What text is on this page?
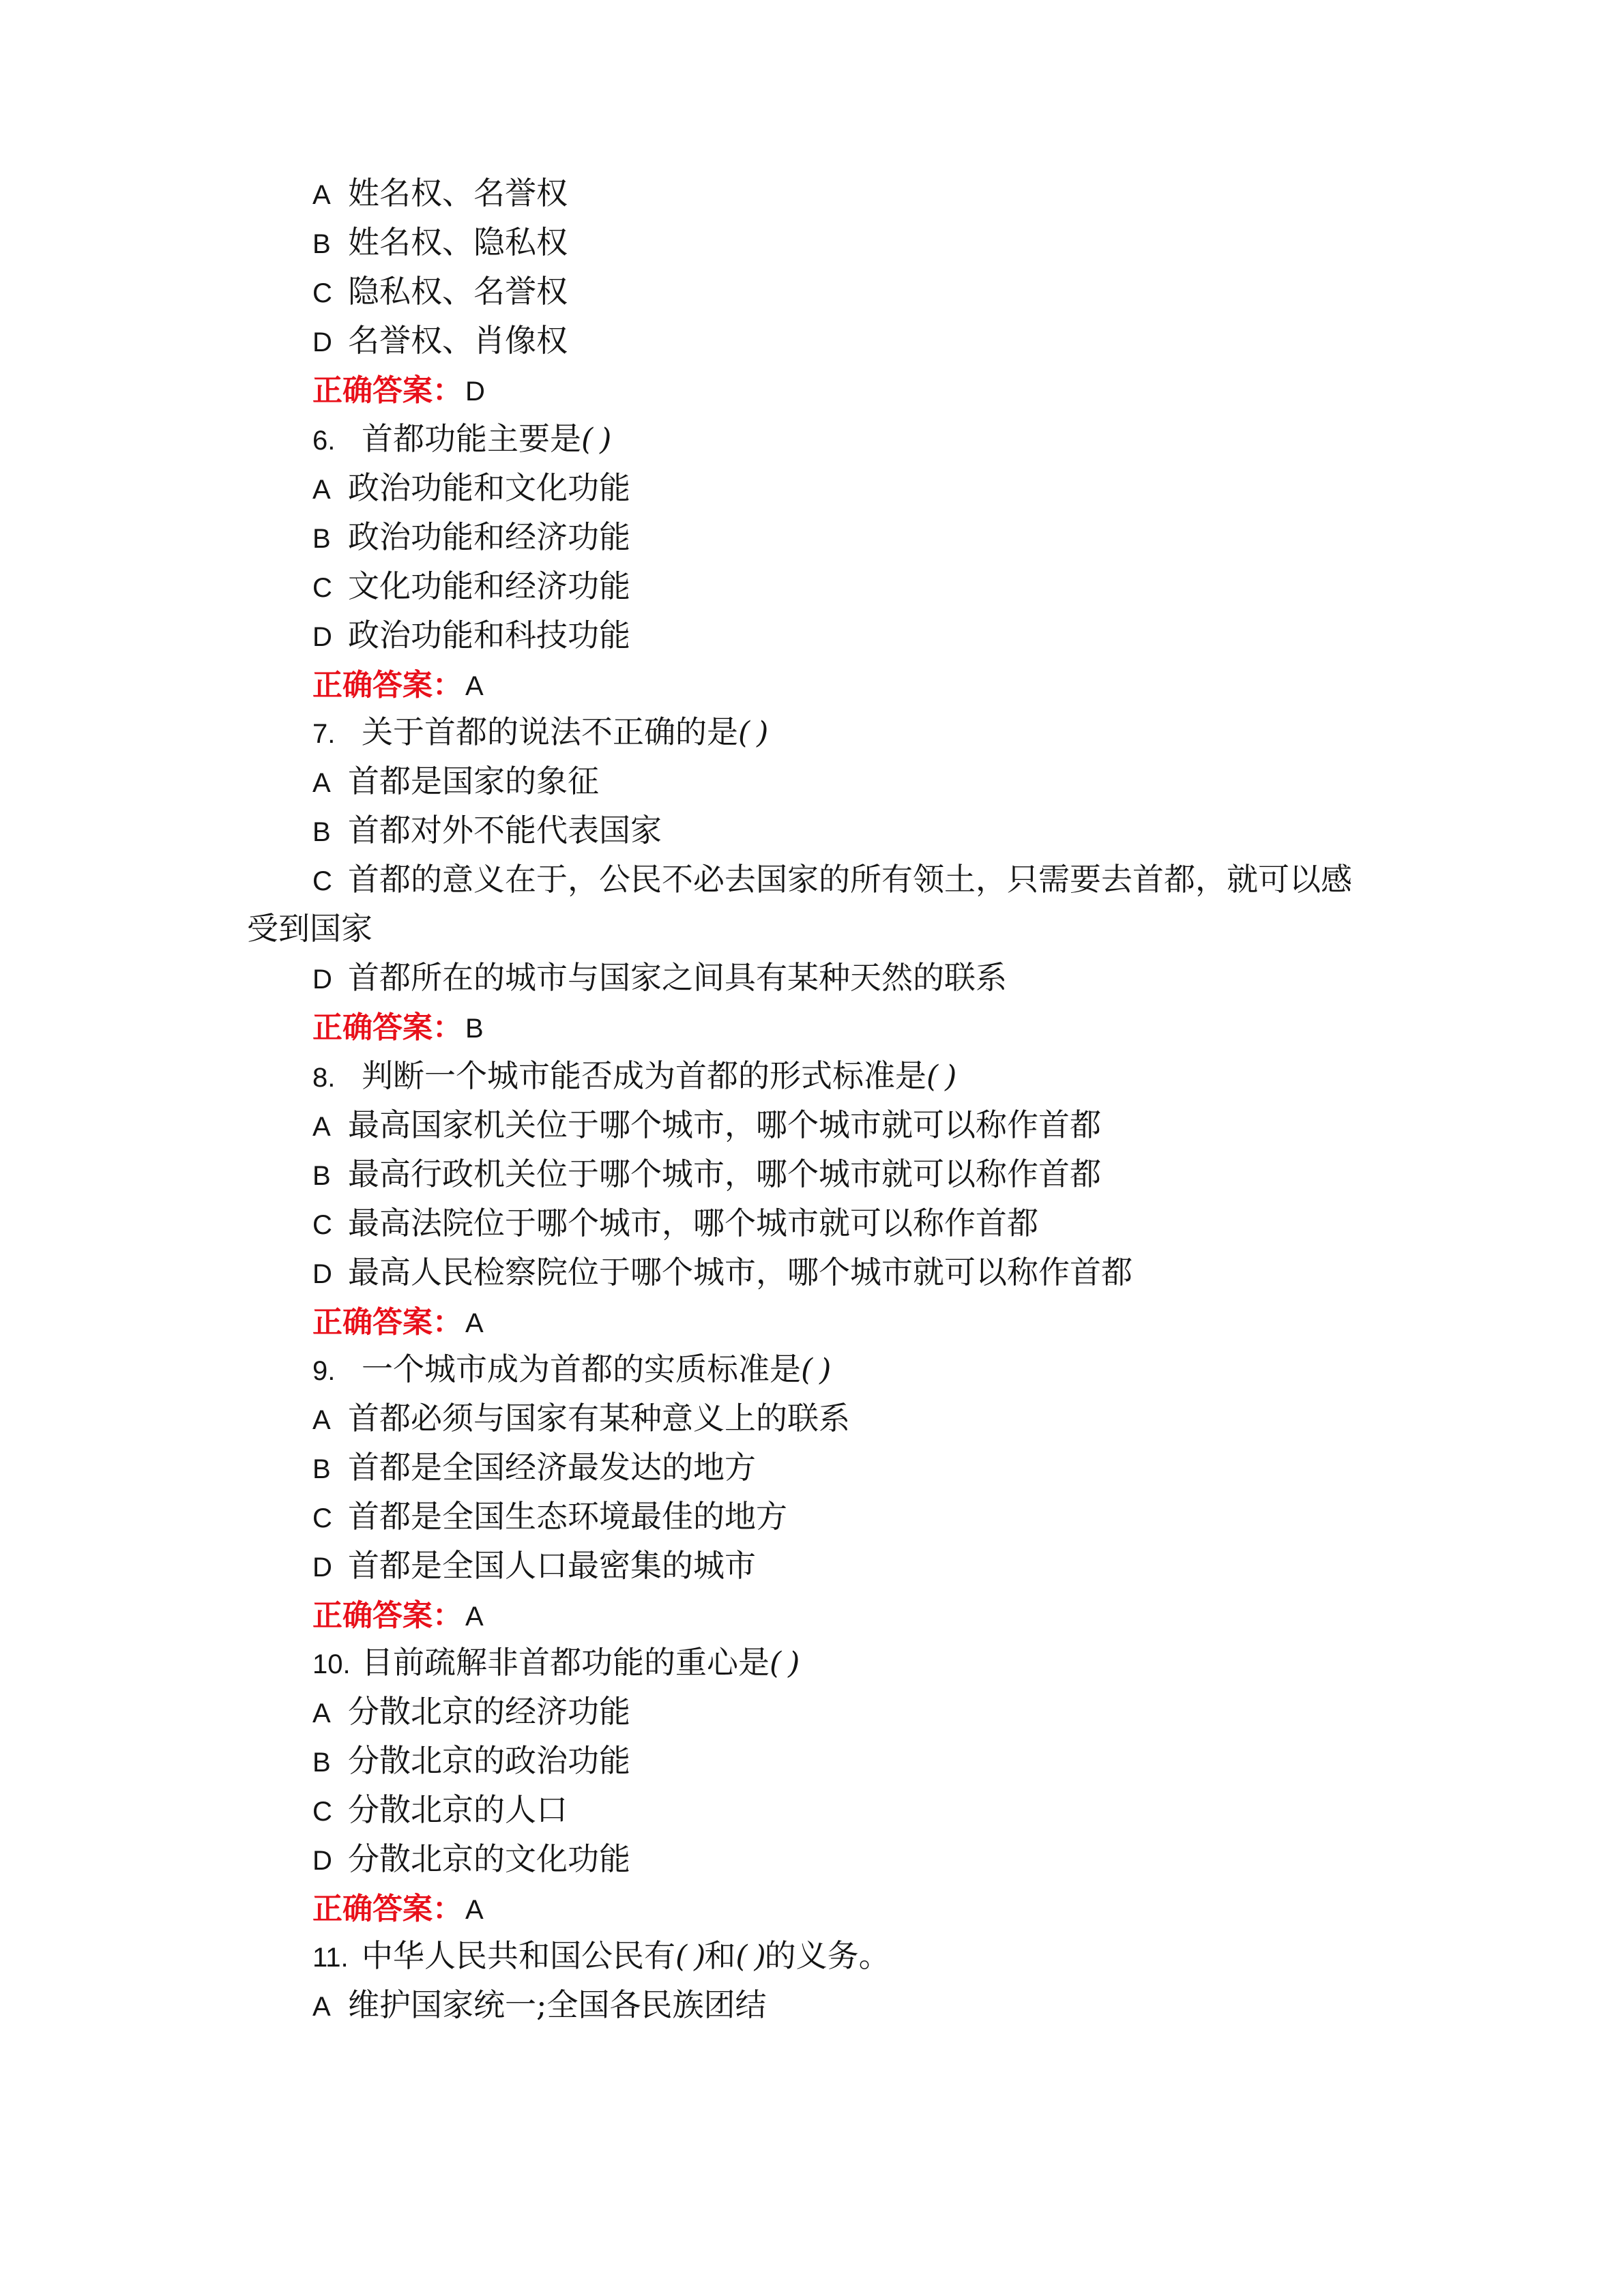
A 姓名权、名誉权
B 姓名权、隐私权
C 隐私权、名誉权
D 名誉权、肖像权
正确答案： D
6. 首都功能主要是( )
A 政治功能和文化功能
B 政治功能和经济功能
C 文化功能和经济功能
D 政治功能和科技功能
正确答案： A
7. 关于首都的说法不正确的是( )
A 首都是国家的象征
B 首都对外不能代表国家
C 首都的意义在于，公民不必去国家的所有领土，只需要去首都，就可以感
受到国家
D 首都所在的城市与国家之间具有某种天然的联系
正确答案： B
8. 判断一个城市能否成为首都的形式标准是( )
A 最高国家机关位于哪个城市，哪个城市就可以称作首都
B 最高行政机关位于哪个城市，哪个城市就可以称作首都
C 最高法院位于哪个城市，哪个城市就可以称作首都
D 最高人民检察院位于哪个城市，哪个城市就可以称作首都
正确答案： A
9. 一个城市成为首都的实质标准是( )
A 首都必须与国家有某种意义上的联系
B 首都是全国经济最发达的地方
C 首都是全国生态环境最佳的地方
D 首都是全国人口最密集的城市
正确答案： A
10. 目前疏解非首都功能的重心是( )
A 分散北京的经济功能
B 分散北京的政治功能
C 分散北京的人口
D 分散北京的文化功能
正确答案： A
11. 中华人民共和国公民有( )和( )的义务。
A 维护国家统一;全国各民族团结
